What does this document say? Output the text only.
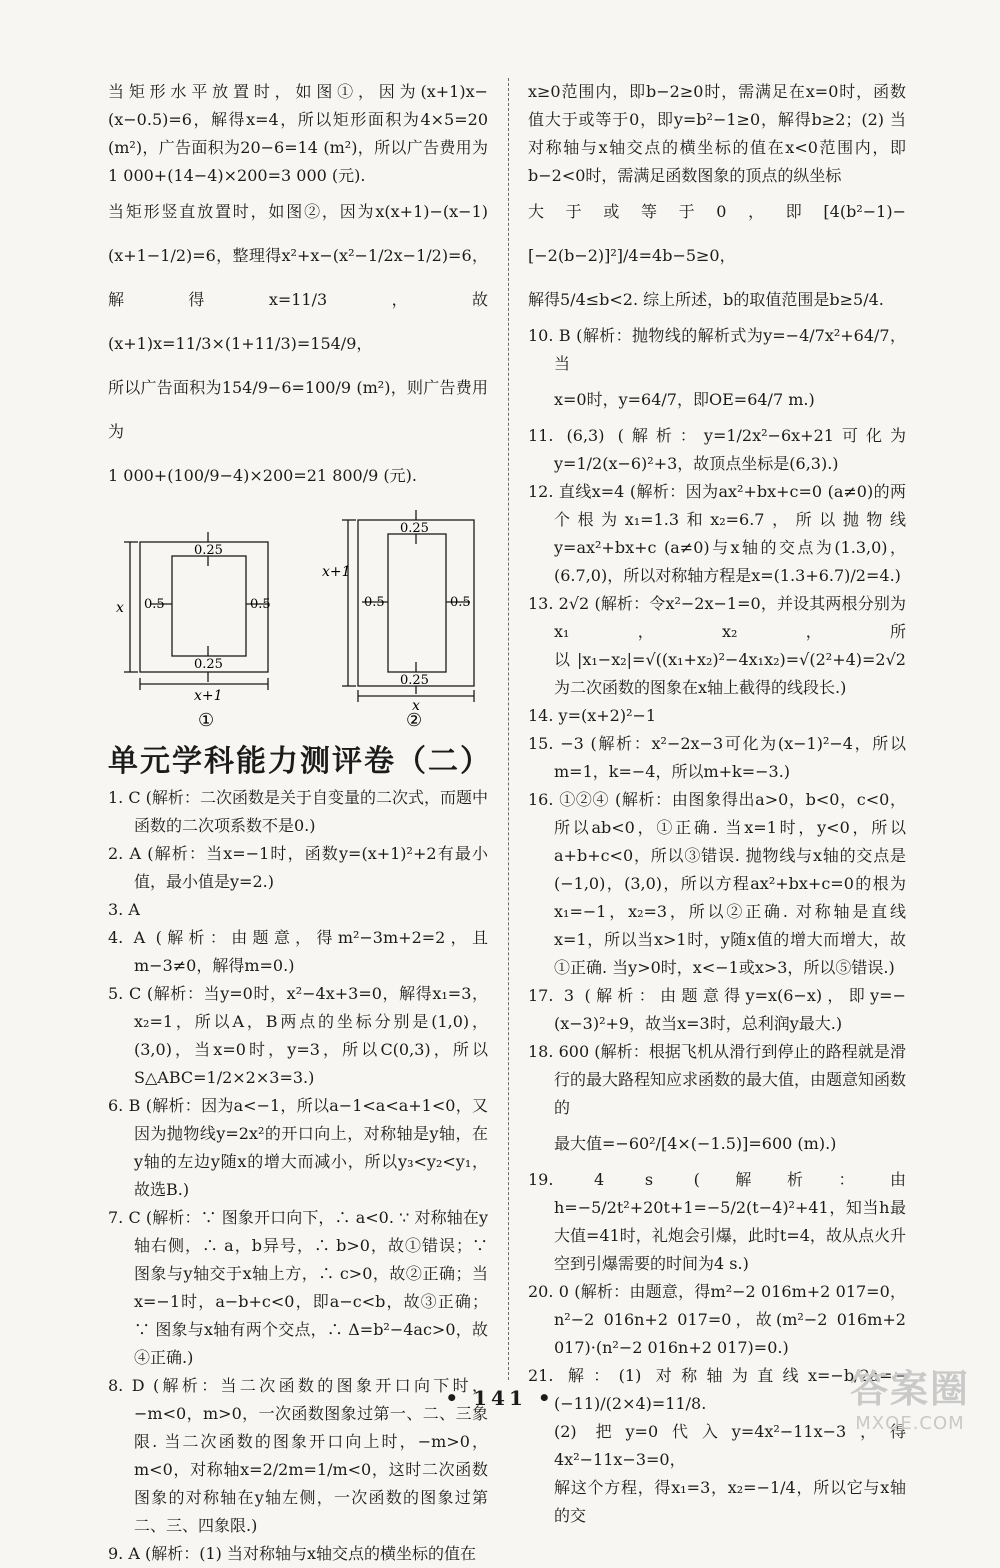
当矩形水平放置时，如图①，因为(x+1)x−(x−0.5)=6，解得x=4，所以矩形面积为4×5=20 (m²)，广告面积为20−6=14 (m²)，所以广告费用为1 000+(14−4)×200=3 000 (元).

当矩形竖直放置时，如图②，因为x(x+1)−(x−1)(x+1−1/2)=6，整理得x²+x−(x²−1/2x−1/2)=6，解得x=11/3，故(x+1)x=11/3×(1+11/3)=154/9，

所以广告面积为154/9−6=100/9 (m²)，则广告费用为

1 000+(100/9−4)×200=21 800/9 (元).

0.25
0.25
0.5	0.5
x
x+1
①
0.25
0.25
0.5	0.5
x+1
x
②
单元学科能力测评卷（二）

1. C (解析：二次函数是关于自变量的二次式，而题中函数的二次项系数不是0.)

2. A (解析：当x=−1时，函数y=(x+1)²+2有最小值，最小值是y=2.)

3. A

4. A (解析：由题意，得m²−3m+2=2，且m−3≠0，解得m=0.)

5. C (解析：当y=0时，x²−4x+3=0，解得x₁=3，x₂=1，所以A，B两点的坐标分别是(1,0)，(3,0)，当x=0时，y=3，所以C(0,3)，所以S△ABC=1/2×2×3=3.)

6. B (解析：因为a<−1，所以a−1<a<a+1<0，又因为抛物线y=2x²的开口向上，对称轴是y轴，在y轴的左边y随x的增大而减小，所以y₃<y₂<y₁，故选B.)

7. C (解析：∵ 图象开口向下，∴ a<0. ∵ 对称轴在y轴右侧，∴ a，b异号，∴ b>0，故①错误；∵ 图象与y轴交于x轴上方，∴ c>0，故②正确；当x=−1时，a−b+c<0，即a−c<b，故③正确；∵ 图象与x轴有两个交点，∴ Δ=b²−4ac>0，故④正确.)

8. D (解析：当二次函数的图象开口向下时，−m<0，m>0，一次函数图象过第一、二、三象限. 当二次函数的图象开口向上时，−m>0，m<0，对称轴x=2/2m=1/m<0，这时二次函数图象的对称轴在y轴左侧，一次函数的图象过第二、三、四象限.)

9. A (解析：(1) 当对称轴与x轴交点的横坐标的值在

x≥0范围内，即b−2≥0时，需满足在x=0时，函数值大于或等于0，即y=b²−1≥0，解得b≥2；(2) 当对称轴与x轴交点的横坐标的值在x<0范围内，即b−2<0时，需满足函数图象的顶点的纵坐标

大于或等于0，即[4(b²−1)−[−2(b−2)]²]/4=4b−5≥0，

解得5/4≤b<2. 综上所述，b的取值范围是b≥5/4.

10. B (解析：抛物线的解析式为y=−4/7x²+64/7，当

x=0时，y=64/7，即OE=64/7 m.)

11. (6,3) (解析：y=1/2x²−6x+21可化为y=1/2(x−6)²+3，故顶点坐标是(6,3).)

12. 直线x=4 (解析：因为ax²+bx+c=0 (a≠0)的两个根为x₁=1.3和x₂=6.7，所以抛物线y=ax²+bx+c (a≠0)与x轴的交点为(1.3,0)，(6.7,0)，所以对称轴方程是x=(1.3+6.7)/2=4.)

13. 2√2 (解析：令x²−2x−1=0，并设其两根分别为x₁，x₂，所以|x₁−x₂|=√((x₁+x₂)²−4x₁x₂)=√(2²+4)=2√2为二次函数的图象在x轴上截得的线段长.)

14. y=(x+2)²−1

15. −3 (解析：x²−2x−3可化为(x−1)²−4，所以m=1，k=−4，所以m+k=−3.)

16. ①②④ (解析：由图象得出a>0，b<0，c<0，所以ab<0，①正确. 当x=1时，y<0，所以a+b+c<0，所以③错误. 抛物线与x轴的交点是(−1,0)，(3,0)，所以方程ax²+bx+c=0的根为x₁=−1，x₂=3，所以②正确. 对称轴是直线x=1，所以当x>1时，y随x值的增大而增大，故①正确. 当y>0时，x<−1或x>3，所以⑤错误.)

17. 3 (解析：由题意得y=x(6−x)，即y=−(x−3)²+9，故当x=3时，总利润y最大.)

18. 600 (解析：根据飞机从滑行到停止的路程就是滑行的最大路程知应求函数的最大值，由题意知函数的

最大值=−60²/[4×(−1.5)]=600 (m).)

19. 4 s (解析：由h=−5/2t²+20t+1=−5/2(t−4)²+41，知当h最大值=41时，礼炮会引爆，此时t=4，故从点火升空到引爆需要的时间为4 s.)

20. 0 (解析：由题意，得m²−2 016m+2 017=0，n²−2 016n+2 017=0，故(m²−2 016m+2 017)·(n²−2 016n+2 017)=0.)

21. 解：(1) 对称轴为直线x=−b/2a=−(−11)/(2×4)=11/8.

(2) 把y=0代入y=4x²−11x−3，得4x²−11x−3=0，

解这个方程，得x₁=3，x₂=−1/4，所以它与x轴的交

• 141 •	答案圈
MXQE.COM
